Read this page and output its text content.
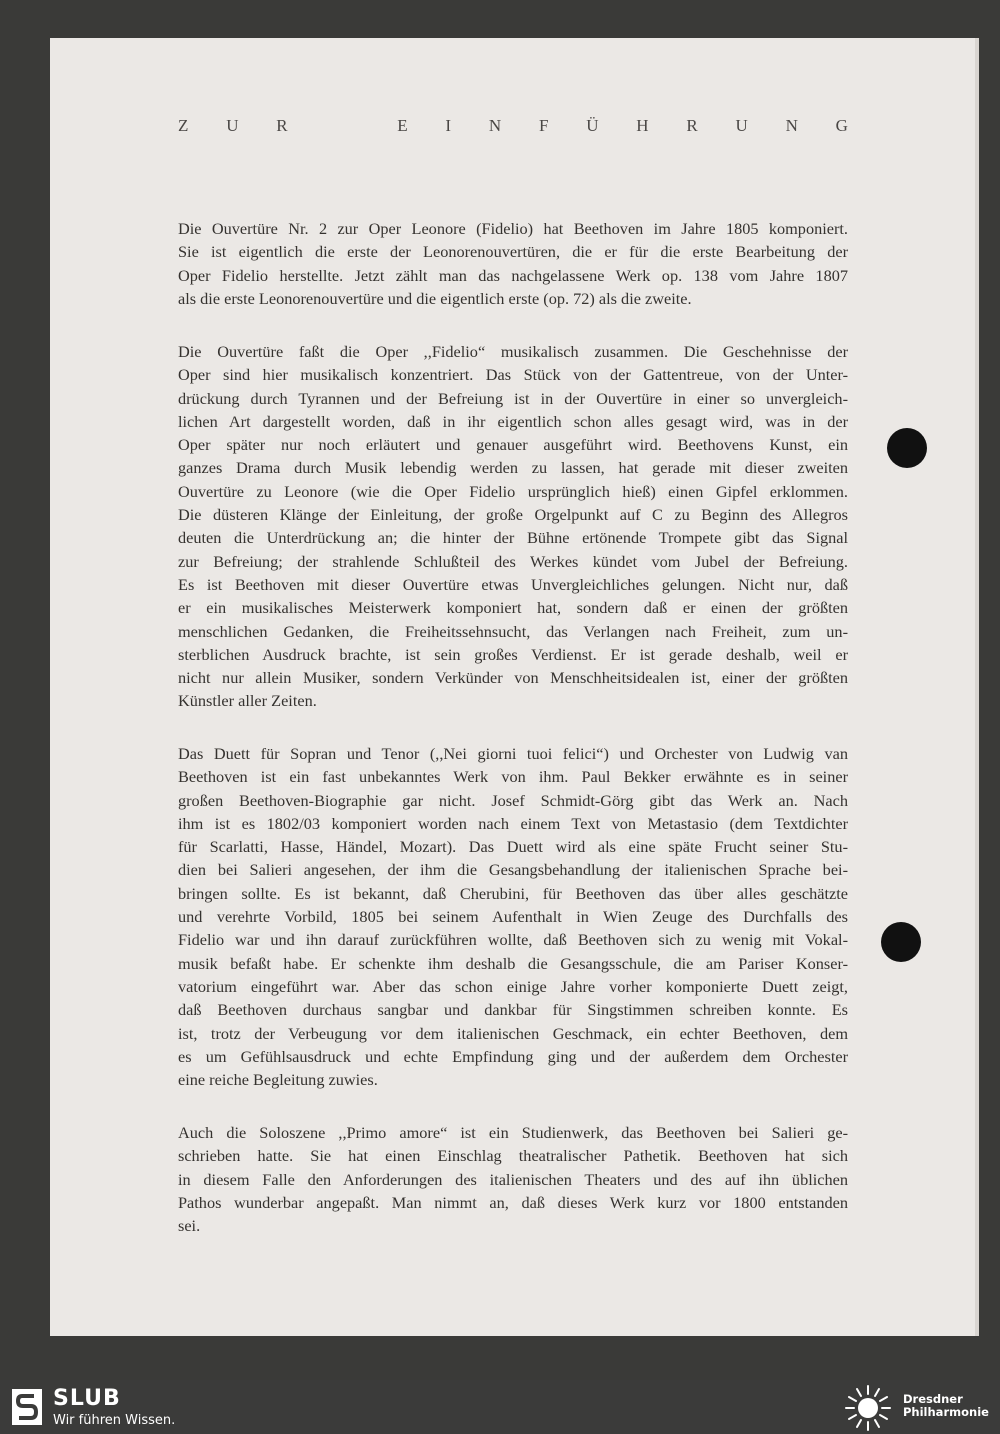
Z U R	E I N F Ü H R U N G
Die Ouvertüre Nr. 2 zur Oper Leonore (Fidelio) hat Beethoven im Jahre 1805 komponiert.
Sie ist eigentlich die erste der Leonorenouvertüren, die er für die erste Bearbeitung der
Oper Fidelio herstellte. Jetzt zählt man das nachgelassene Werk op. 138 vom Jahre 1807
als die erste Leonorenouvertüre und die eigentlich erste (op. 72) als die zweite.
Die Ouvertüre faßt die Oper ,,Fidelio“ musikalisch zusammen. Die Geschehnisse der
Oper sind hier musikalisch konzentriert. Das Stück von der Gattentreue, von der Unter-
drückung durch Tyrannen und der Befreiung ist in der Ouvertüre in einer so unvergleich-
lichen Art dargestellt worden, daß in ihr eigentlich schon alles gesagt wird, was in der
Oper später nur noch erläutert und genauer ausgeführt wird. Beethovens Kunst, ein
ganzes Drama durch Musik lebendig werden zu lassen, hat gerade mit dieser zweiten
Ouvertüre zu Leonore (wie die Oper Fidelio ursprünglich hieß) einen Gipfel erklommen.
Die düsteren Klänge der Einleitung, der große Orgelpunkt auf C zu Beginn des Allegros
deuten die Unterdrückung an; die hinter der Bühne ertönende Trompete gibt das Signal
zur Befreiung; der strahlende Schlußteil des Werkes kündet vom Jubel der Befreiung.
Es ist Beethoven mit dieser Ouvertüre etwas Unvergleichliches gelungen. Nicht nur, daß
er ein musikalisches Meisterwerk komponiert hat, sondern daß er einen der größten
menschlichen Gedanken, die Freiheitssehnsucht, das Verlangen nach Freiheit, zum un-
sterblichen Ausdruck brachte, ist sein großes Verdienst. Er ist gerade deshalb, weil er
nicht nur allein Musiker, sondern Verkünder von Menschheitsidealen ist, einer der größten
Künstler aller Zeiten.
Das Duett für Sopran und Tenor (,,Nei giorni tuoi felici“) und Orchester von Ludwig van
Beethoven ist ein fast unbekanntes Werk von ihm. Paul Bekker erwähnte es in seiner
großen Beethoven-Biographie gar nicht. Josef Schmidt-Görg gibt das Werk an. Nach
ihm ist es 1802/03 komponiert worden nach einem Text von Metastasio (dem Textdichter
für Scarlatti, Hasse, Händel, Mozart). Das Duett wird als eine späte Frucht seiner Stu-
dien bei Salieri angesehen, der ihm die Gesangsbehandlung der italienischen Sprache bei-
bringen sollte. Es ist bekannt, daß Cherubini, für Beethoven das über alles geschätzte
und verehrte Vorbild, 1805 bei seinem Aufenthalt in Wien Zeuge des Durchfalls des
Fidelio war und ihn darauf zurückführen wollte, daß Beethoven sich zu wenig mit Vokal-
musik befaßt habe. Er schenkte ihm deshalb die Gesangsschule, die am Pariser Konser-
vatorium eingeführt war. Aber das schon einige Jahre vorher komponierte Duett zeigt,
daß Beethoven durchaus sangbar und dankbar für Singstimmen schreiben konnte. Es
ist, trotz der Verbeugung vor dem italienischen Geschmack, ein echter Beethoven, dem
es um Gefühlsausdruck und echte Empfindung ging und der außerdem dem Orchester
eine reiche Begleitung zuwies.
Auch die Soloszene ,,Primo amore“ ist ein Studienwerk, das Beethoven bei Salieri ge-
schrieben hatte. Sie hat einen Einschlag theatralischer Pathetik. Beethoven hat sich
in diesem Falle den Anforderungen des italienischen Theaters und des auf ihn üblichen
Pathos wunderbar angepaßt. Man nimmt an, daß dieses Werk kurz vor 1800 entstanden
sei.
SLUB
Wir führen Wissen.
Dresdner
Philharmonie
